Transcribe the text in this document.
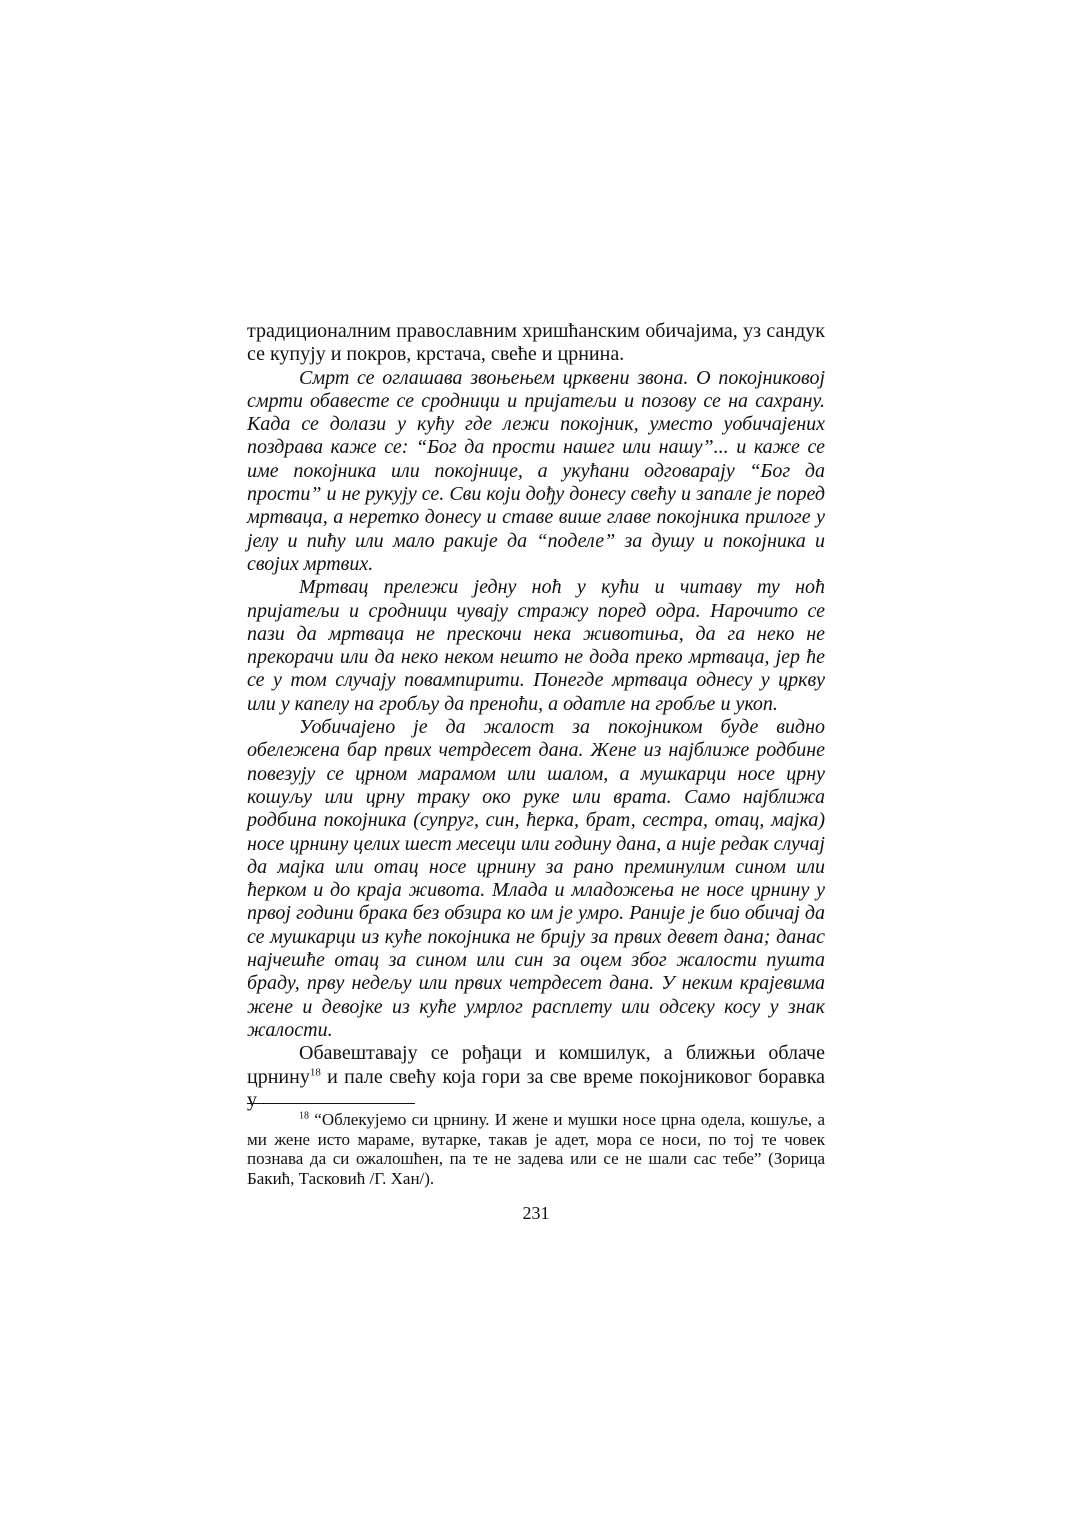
традиционалним православним хришћанским обичајима, уз сандук се купују и покров, крстача, свеће и црнина.

Смрт се оглашава звоњењем црквени звона. О покојниковој смрти обавесте се сродници и пријатељи и позову се на сахрану. Када се долази у кућу где лежи покојник, уместо уобичајених поздрава каже се: “Бог да прости нашег или нашу”... и каже се име покојника или покојнице, а укућани одговарају “Бог да прости” и не рукују се. Сви који дођу донесу свећу и запале је поред мртваца, а неретко донесу и ставе више главе покојника прилоге у јелу и пићу или мало ракије да “поделе” за душу и покојника и својих мртвих.

Мртвац прележи једну ноћ у кући и читаву ту ноћ пријатељи и сродници чувају стражу поред одра. Нарочито се пази да мртваца не прескочи нека животиња, да га неко не прекорачи или да неко неком нешто не дода преко мртваца, јер ће се у том случају повампирити. Понегде мртваца однесу у цркву или у капелу на гробљу да преноћи, а одатле на гробље и укоп.

Уобичајено је да жалост за покојником буде видно обележена бар првих четрдесет дана. Жене из најближе родбине повезују се црном марамом или шалом, а мушкарци носе црну кошуљу или црну траку око руке или врата. Само најближа родбина покојника (супруг, син, ћерка, брат, сестра, отац, мајка) носе црнину целих шест месеци или годину дана, а није редак случај да мајка или отац носе црнину за рано преминулим сином или ћерком и до краја живота. Млада и младожења не носе црнину у првој години брака без обзира ко им је умро. Раније је био обичај да се мушкарци из куће покојника не брију за првих девет дана; данас најчешће отац за сином или син за оцем због жалости пушта браду, прву недељу или првих четрдесет дана. У неким крајевима жене и девојке из куће умрлог расплету или одсеку косу у знак жалости.

Обавештавају се рођаци и комшилук, а ближњи облаче црнину$^{18}$ и пале свећу која гори за све време покојниковог боравка у

$^{18}$ “Облекујемо си црнину. И жене и мушки носе црна одела, кошуље, а ми жене исто мараме, вутарке, такав је адет, мора се носи, по тој те човек познава да си ожалошћен, па те не задева или се не шали сас тебе” (Зорица Бакић, Тасковић /Г. Хан/).

231
